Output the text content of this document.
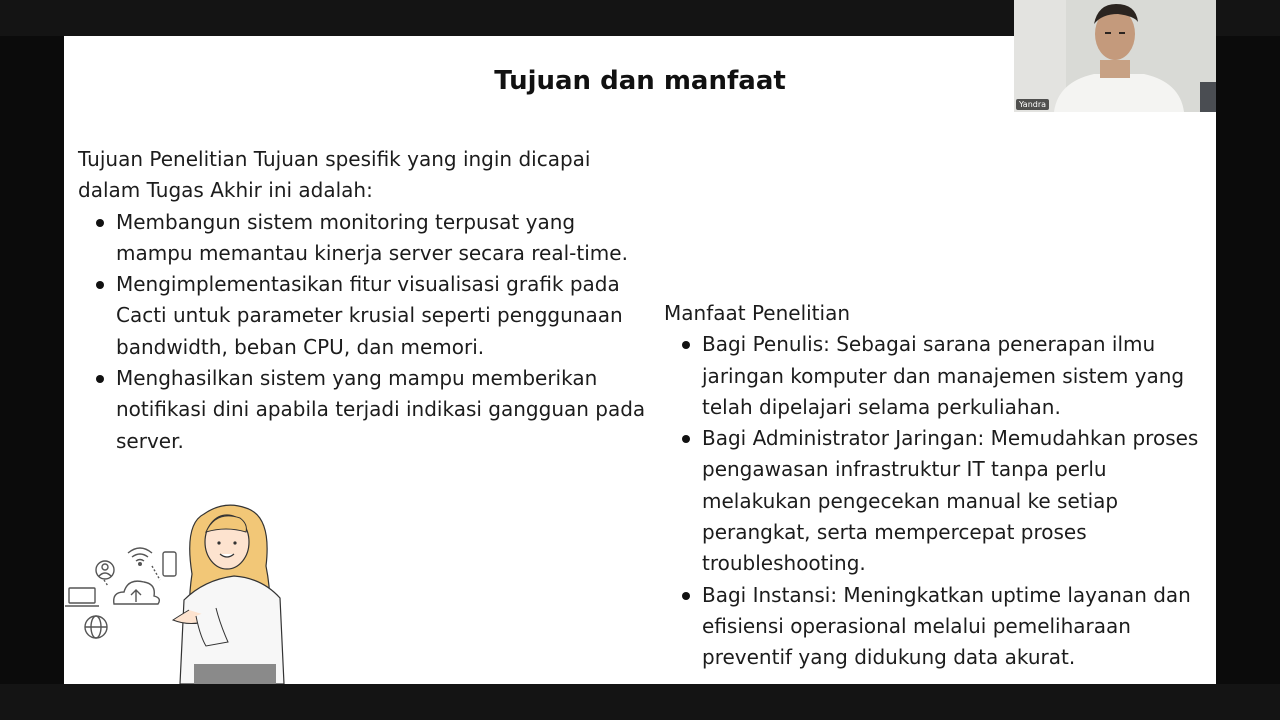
Tujuan dan manfaat

Tujuan Penelitian Tujuan spesifik yang ingin dicapai dalam Tugas Akhir ini adalah:

Membangun sistem monitoring terpusat yang mampu memantau kinerja server secara real-time.
Mengimplementasikan fitur visualisasi grafik pada Cacti untuk parameter krusial seperti penggunaan bandwidth, beban CPU, dan memori.
Menghasilkan sistem yang mampu memberikan notifikasi dini apabila terjadi indikasi gangguan pada server.

Manfaat Penelitian

Bagi Penulis: Sebagai sarana penerapan ilmu jaringan komputer dan manajemen sistem yang telah dipelajari selama perkuliahan.
Bagi Administrator Jaringan: Memudahkan proses pengawasan infrastruktur IT tanpa perlu melakukan pengecekan manual ke setiap perangkat, serta mempercepat proses troubleshooting.
Bagi Instansi: Meningkatkan uptime layanan dan efisiensi operasional melalui pemeliharaan preventif yang didukung data akurat.
Yandra
